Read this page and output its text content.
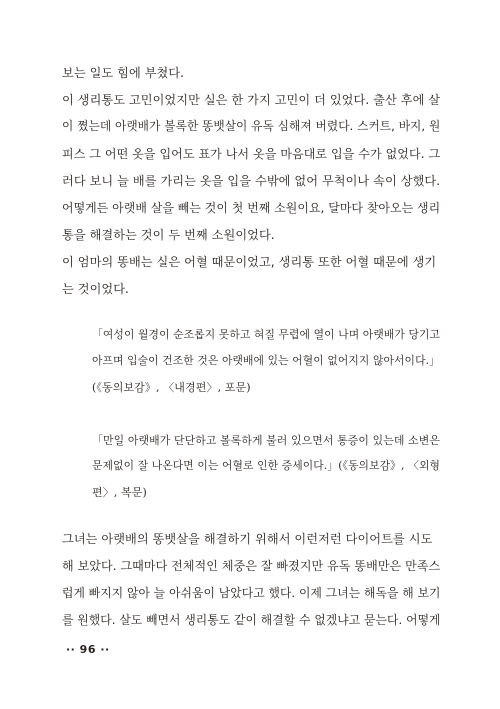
보는 일도 힘에 부쳤다.

이 생리통도 고민이었지만 실은 한 가지 고민이 더 있었다. 출산 후에 살

이 쪘는데 아랫배가 볼록한 똥뱃살이 유독 심해져 버렸다. 스커트, 바지, 원

피스 그 어떤 옷을 입어도 표가 나서 옷을 마음대로 입을 수가 없었다. 그

러다 보니 늘 배를 가리는 옷을 입을 수밖에 없어 무척이나 속이 상했다.

어떻게든 아랫배 살을 빼는 것이 첫 번째 소원이요, 달마다 찾아오는 생리

통을 해결하는 것이 두 번째 소원이었다.

이 엄마의 똥배는 실은 어혈 때문이었고, 생리통 또한 어혈 때문에 생기

는 것이었다.

「여성이 월경이 순조롭지 못하고 혀질 무렵에 열이 나며 아랫배가 당기고

아프며 입술이 건조한 것은 아랫배에 있는 어혈이 없어지지 않아서이다.」

(《동의보감》, 〈내경편〉, 포문)

「만일 아랫배가 단단하고 볼록하게 불러 있으면서 통증이 있는데 소변은

문제없이 잘 나온다면 이는 어혈로 인한 증세이다.」(《동의보감》, 〈외형

편〉, 복문)

그녀는 아랫배의 똥뱃살을 해결하기 위해서 이런저런 다이어트를 시도

해 보았다. 그때마다 전체적인 체중은 잘 빠졌지만 유독 똥배만은 만족스

럽게 빠지지 않아 늘 아쉬움이 남았다고 했다. 이제 그녀는 해독을 해 보기

를 원했다. 살도 빼면서 생리통도 같이 해결할 수 없겠냐고 묻는다. 어떻게

·· 96 ··
